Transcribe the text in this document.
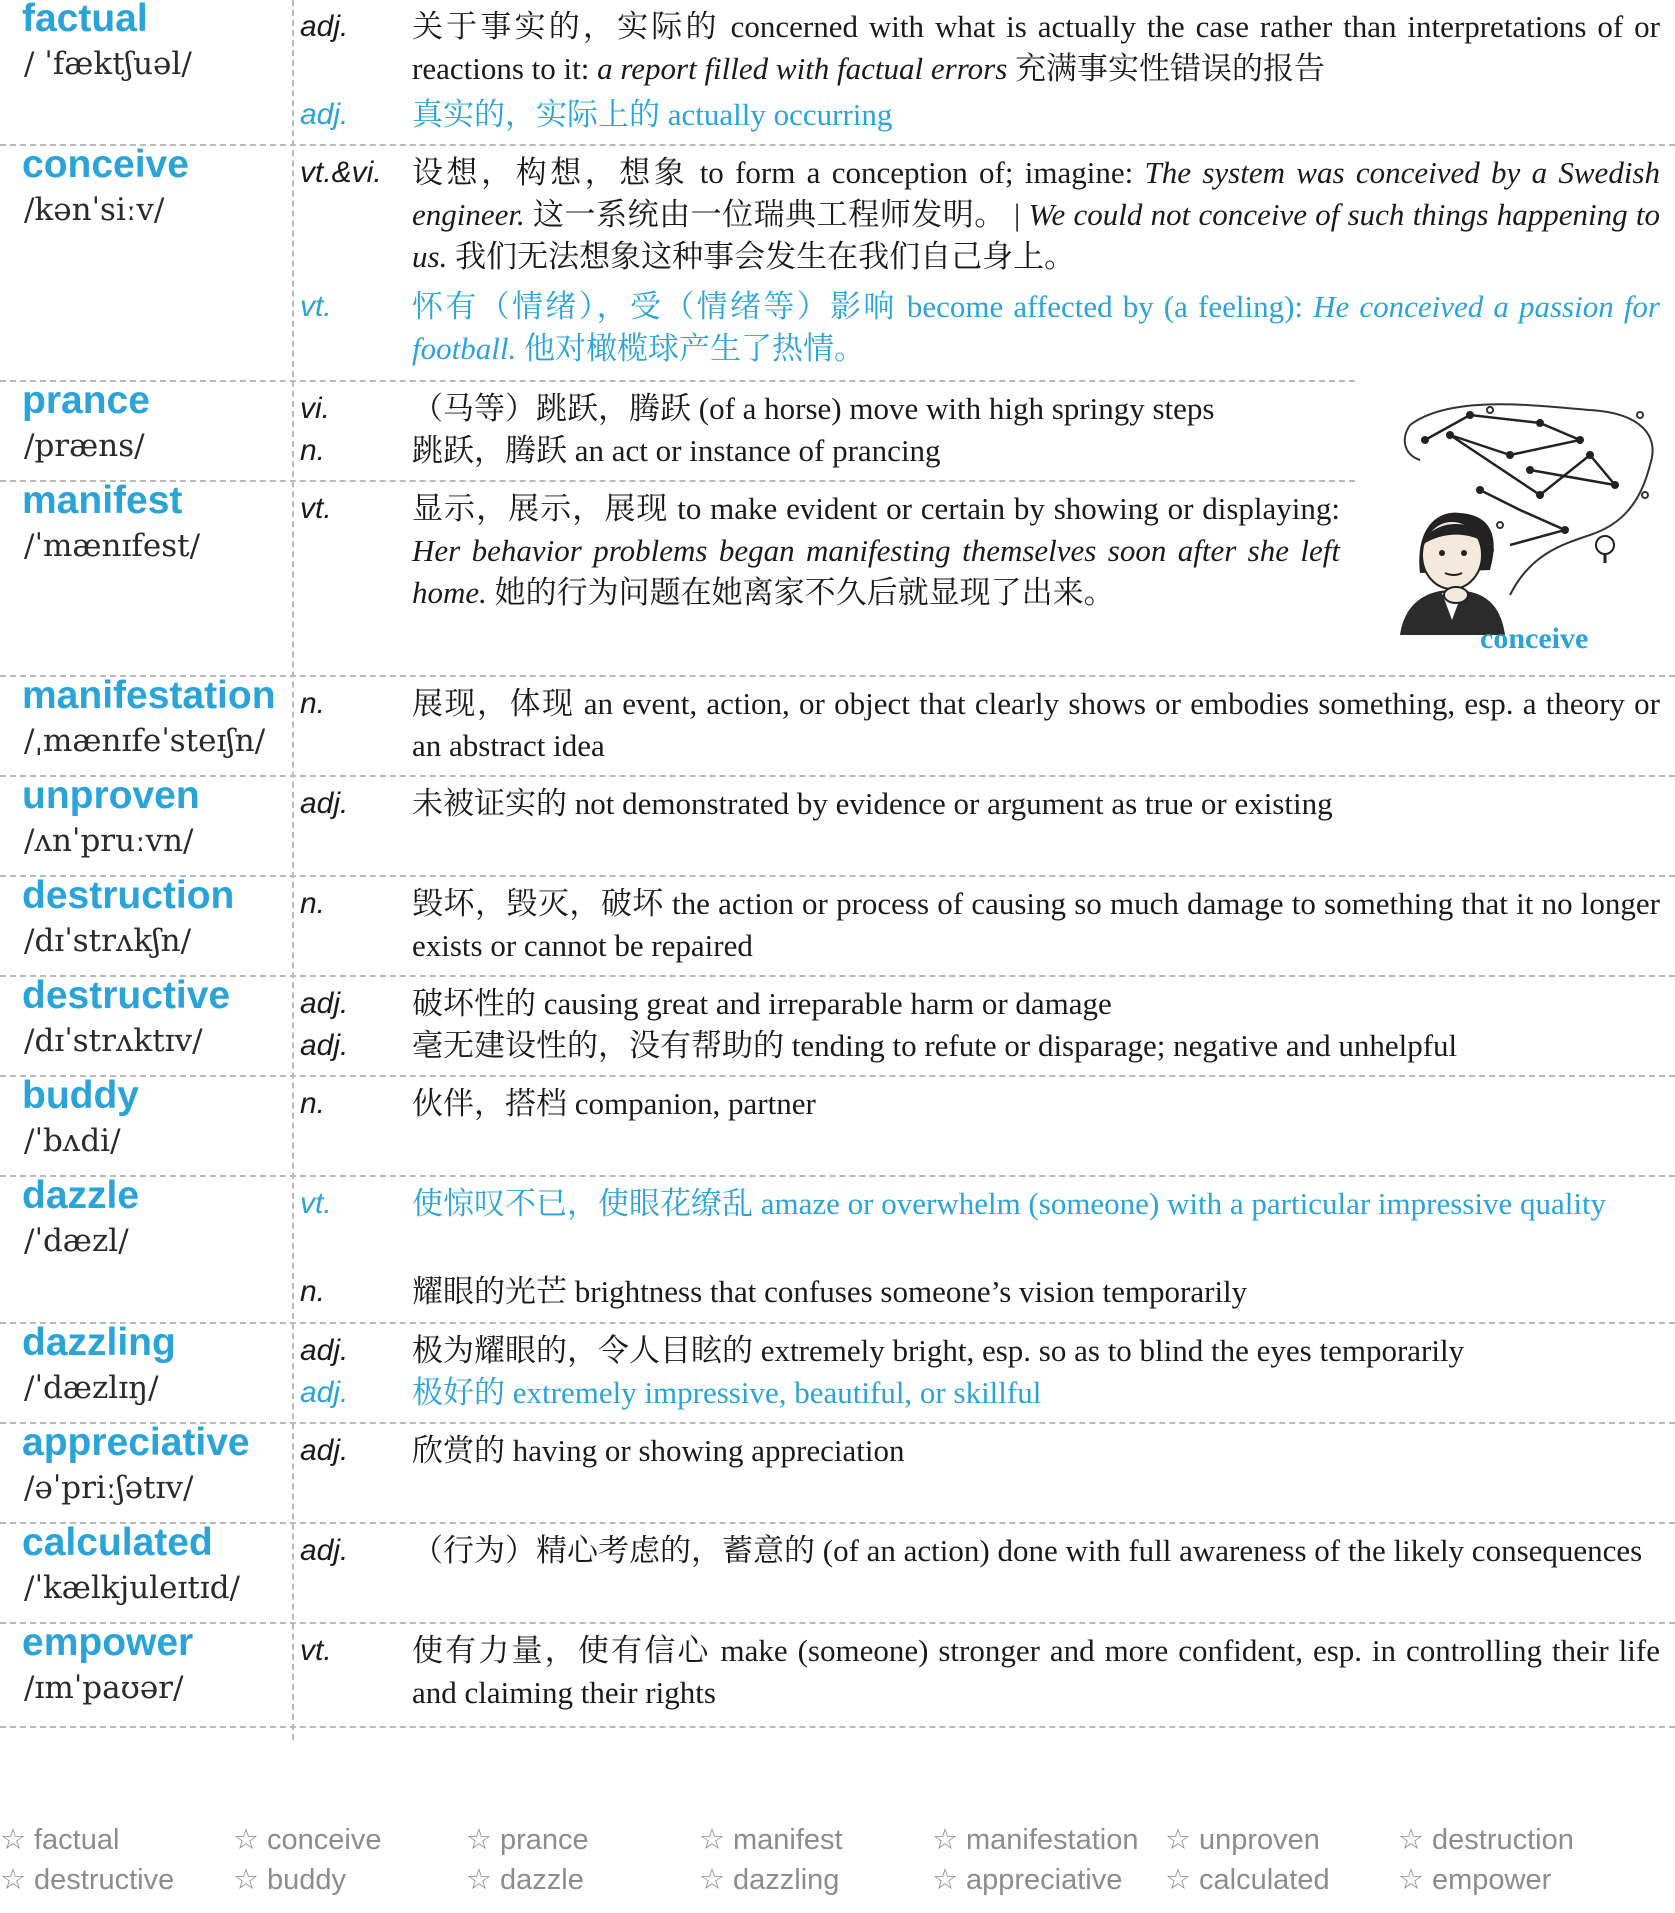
factual
/ ˈfæktʃuəl/
adj.	关于事实的，实际的 concerned with what is actually the case rather than interpretations of or reactions to it: a report filled with factual errors 充满事实性错误的报告
adj.	真实的，实际上的 actually occurring
conceive
/kənˈsiːv/
vt.&vi. 设想，构想，想象 to form a conception of; imagine: The system was conceived by a Swedish engineer. 这一系统由一位瑞典工程师发明。 | We could not conceive of such things happening to us. 我们无法想象这种事会发生在我们自己身上。
vt.	怀有（情绪），受（情绪等）影响 become affected by (a feeling): He conceived a passion for football. 他对橄榄球产生了热情。
prance
/præns/
vi.	（马等）跳跃，腾跃 (of a horse) move with high springy steps
n.	跳跃，腾跃 an act or instance of prancing
manifest
/ˈmænɪfest/
vt.	显示，展示，展现 to make evident or certain by showing or displaying: Her behavior problems began manifesting themselves soon after she left home. 她的行为问题在她离家不久后就显现了出来。
manifestation
/ˌmænɪfeˈsteɪʃn/
n.	展现，体现 an event, action, or object that clearly shows or embodies something, esp. a theory or an abstract idea
unproven
/ʌnˈpruːvn/
adj.	未被证实的 not demonstrated by evidence or argument as true or existing
destruction
/dɪˈstrʌkʃn/
n.	毁坏，毁灭，破坏 the action or process of causing so much damage to something that it no longer exists or cannot be repaired
destructive
/dɪˈstrʌktɪv/
adj.	破坏性的 causing great and irreparable harm or damage
adj.	毫无建设性的，没有帮助的 tending to refute or disparage; negative and unhelpful
buddy
/ˈbʌdi/
n.	伙伴，搭档 companion, partner
dazzle
/ˈdæzl/
vt.	使惊叹不已，使眼花缭乱 amaze or overwhelm (someone) with a particular impressive quality
n.	耀眼的光芒 brightness that confuses someone’s vision temporarily
dazzling
/ˈdæzlɪŋ/
adj.	极为耀眼的，令人目眩的 extremely bright, esp. so as to blind the eyes temporarily
adj.	极好的 extremely impressive, beautiful, or skillful
appreciative
/əˈpriːʃətɪv/
adj.	欣赏的 having or showing appreciation
calculated
/ˈkælkjuleɪtɪd/
adj.	（行为）精心考虑的，蓄意的 (of an action) done with full awareness of the likely consequences
empower
/ɪmˈpaʊər/
vt.	使有力量，使有信心 make (someone) stronger and more confident, esp. in controlling their life and claiming their rights
conceive
☆ factual	☆ conceive	☆ prance	☆ manifest	☆ manifestation ☆ unproven	☆ destruction
☆ destructive ☆ buddy	☆ dazzle	☆ dazzling	☆ appreciative ☆ calculated ☆ empower
